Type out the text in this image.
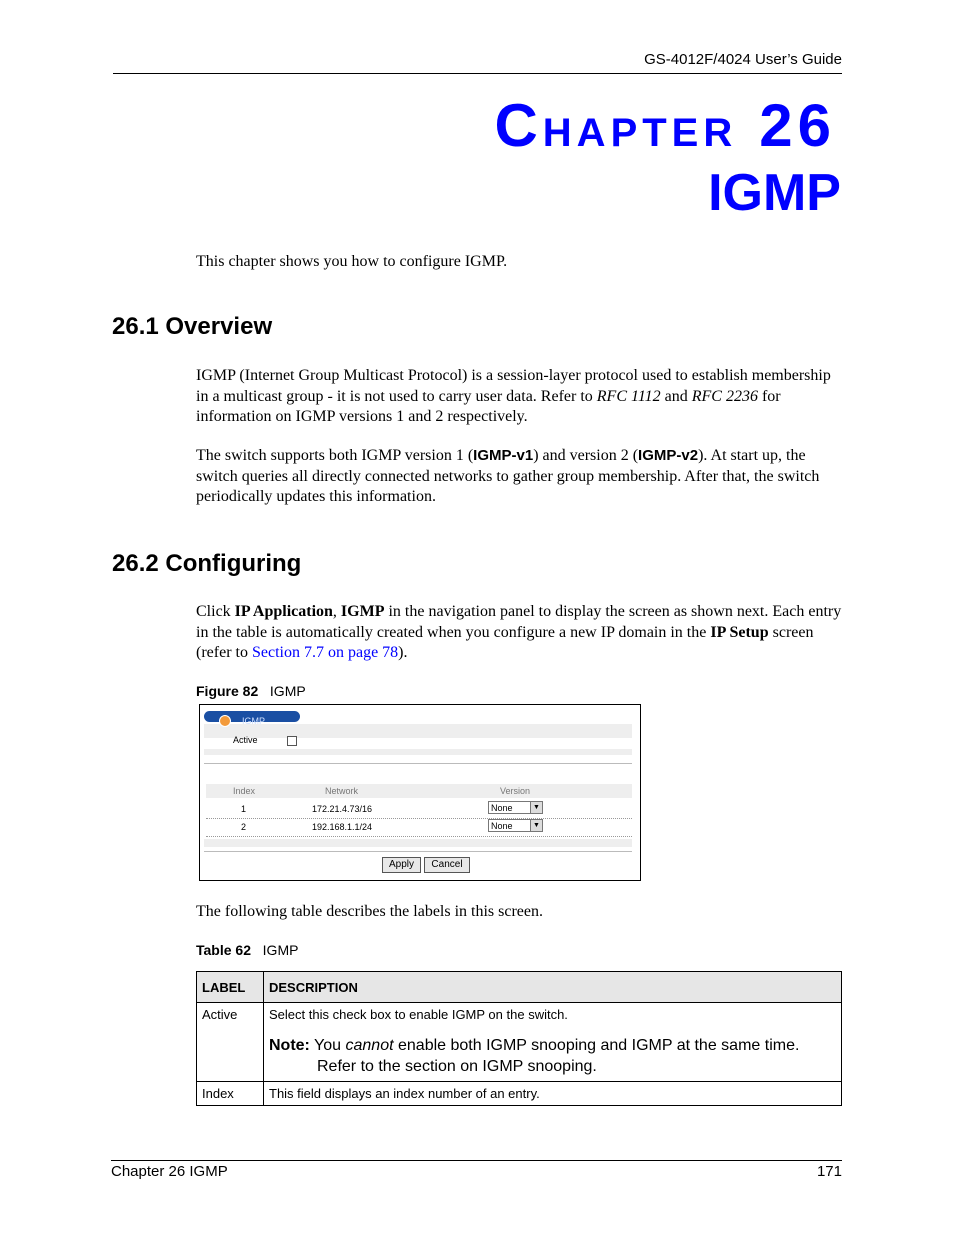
GS-4012F/4024 User’s Guide
CHAPTER 26
IGMP
This chapter shows you how to configure IGMP.
26.1 Overview
IGMP (Internet Group Multicast Protocol) is a session-layer protocol used to establish membership in a multicast group - it is not used to carry user data. Refer to RFC 1112 and RFC 2236 for information on IGMP versions 1 and 2 respectively.
The switch supports both IGMP version 1 (IGMP-v1) and version 2 (IGMP-v2). At start up, the switch queries all directly connected networks to gather group membership. After that, the switch periodically updates this information.
26.2 Configuring
Click IP Application, IGMP in the navigation panel to display the screen as shown next. Each entry in the table is automatically created when you configure a new IP domain in the IP Setup screen (refer to Section 7.7 on page 78).
Figure 82 IGMP
IGMP
Active
Index	Network	Version
1	172.21.4.73/16	None	▼
2	192.168.1.1/24	None	▼
Apply	Cancel
The following table describes the labels in this screen.
Table 62 IGMP
LABEL	DESCRIPTION
Active	Select this check box to enable IGMP on the switch.
Note: You cannot enable both IGMP snooping and IGMP at the same time. Refer to the section on IGMP snooping.

Index	This field displays an index number of an entry.
Chapter 26 IGMP	171
